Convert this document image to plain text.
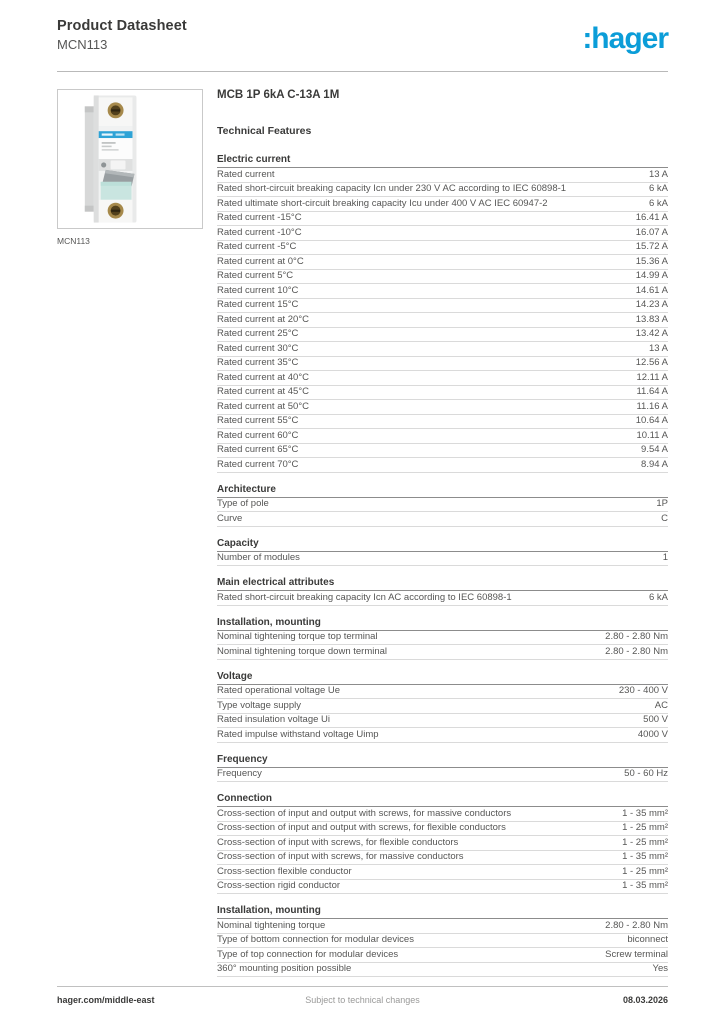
Product Datasheet
MCN113	:hager
MCN113
MCB 1P 6kA C-13A 1M
Technical Features
Electric current
Rated current	13 A
Rated short-circuit breaking capacity Icn under 230 V AC according to IEC 60898-1	6 kA
Rated ultimate short-circuit breaking capacity Icu under 400 V AC IEC 60947-2	6 kA
Rated current -15°C	16.41 A
Rated current -10°C	16.07 A
Rated current -5°C	15.72 A
Rated current at 0°C	15.36 A
Rated current 5°C	14.99 A
Rated current 10°C	14.61 A
Rated current 15°C	14.23 A
Rated current at 20°C	13.83 A
Rated current 25°C	13.42 A
Rated current 30°C	13 A
Rated current 35°C	12.56 A
Rated current at 40°C	12.11 A
Rated current at 45°C	11.64 A
Rated current at 50°C	11.16 A
Rated current 55°C	10.64 A
Rated current 60°C	10.11 A
Rated current 65°C	9.54 A
Rated current 70°C	8.94 A
Architecture
Type of pole	1P
Curve	C
Capacity
Number of modules	1
Main electrical attributes
Rated short-circuit breaking capacity Icn AC according to IEC 60898-1	6 kA
Installation, mounting
Nominal tightening torque top terminal	2.80 - 2.80 Nm
Nominal tightening torque down terminal	2.80 - 2.80 Nm
Voltage
Rated operational voltage Ue	230 - 400 V
Type voltage supply	AC
Rated insulation voltage Ui	500 V
Rated impulse withstand voltage Uimp	4000 V
Frequency
Frequency	50 - 60 Hz
Connection
Cross-section of input and output with screws, for massive conductors	1 - 35 mm²
Cross-section of input and output with screws, for flexible conductors	1 - 25 mm²
Cross-section of input with screws, for flexible conductors	1 - 25 mm²
Cross-section of input with screws, for massive conductors	1 - 35 mm²
Cross-section flexible conductor	1 - 25 mm²
Cross-section rigid conductor	1 - 35 mm²
Installation, mounting
Nominal tightening torque	2.80 - 2.80 Nm
Type of bottom connection for modular devices	biconnect
Type of top connection for modular devices	Screw terminal
360° mounting position possible	Yes
hager.com/middle-east	Subject to technical changes	08.03.2026
